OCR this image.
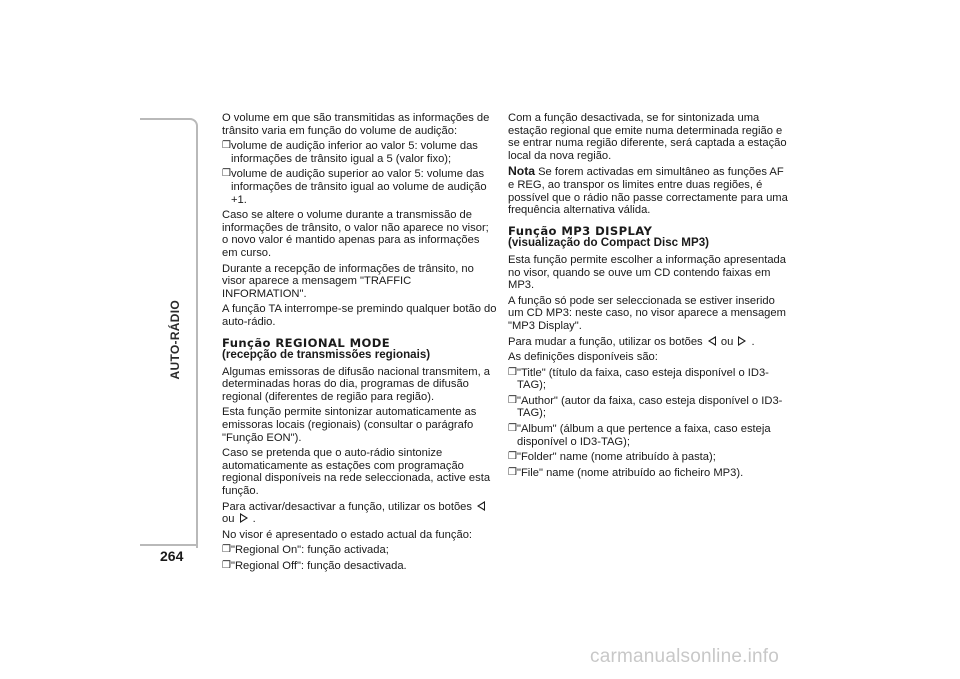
AUTO-RÁDIO
264

O volume em que são transmitidas as informações de trânsito varia em função do volume de audição:

❒ volume de audição inferior ao valor 5: volume das informações de trânsito igual a 5 (valor fixo);
❒ volume de audição superior ao valor 5: volume das informações de trânsito igual ao volume de audição +1.

Caso se altere o volume durante a transmissão de informações de trânsito, o valor não aparece no visor; o novo valor é mantido apenas para as informações em curso.

Durante a recepção de informações de trânsito, no visor aparece a mensagem "TRAFFIC INFORMATION".

A função TA interrompe-se premindo qualquer botão do auto-rádio.

Função REGIONAL MODE
(recepção de transmissões regionais)

Algumas emissoras de difusão nacional transmitem, a determinadas horas do dia, programas de difusão regional (diferentes de região para região).

Esta função permite sintonizar automaticamente as emissoras locais (regionais) (consultar o parágrafo "Função EON").

Caso se pretenda que o auto-rádio sintonize automaticamente as estações com programação regional disponíveis na rede seleccionada, active esta função.

Para activar/desactivar a função, utilizar os botões  ou .

No visor é apresentado o estado actual da função:

❒ "Regional On": função activada;
❒ "Regional Off": função desactivada.

Com a função desactivada, se for sintonizada uma estação regional que emite numa determinada região e se entrar numa região diferente, será captada a estação local da nova região.

Nota Se forem activadas em simultâneo as funções AF e REG, ao transpor os limites entre duas regiões, é possível que o rádio não passe correctamente para uma frequência alternativa válida.

Função MP3 DISPLAY
(visualização do Compact Disc MP3)

Esta função permite escolher a informação apresentada no visor, quando se ouve um CD contendo faixas em MP3.

A função só pode ser seleccionada se estiver inserido um CD MP3: neste caso, no visor aparece a mensagem "MP3 Display".

Para mudar a função, utilizar os botões ou .

As definições disponíveis são:

❒ "Title" (título da faixa, caso esteja disponível o ID3-TAG);
❒ "Author" (autor da faixa, caso esteja disponível o ID3-TAG);
❒ "Album" (álbum a que pertence a faixa, caso esteja disponível o ID3-TAG);
❒ "Folder" name (nome atribuído à pasta);
❒ "File" name (nome atribuído ao ficheiro MP3).
carmanualsonline.info
